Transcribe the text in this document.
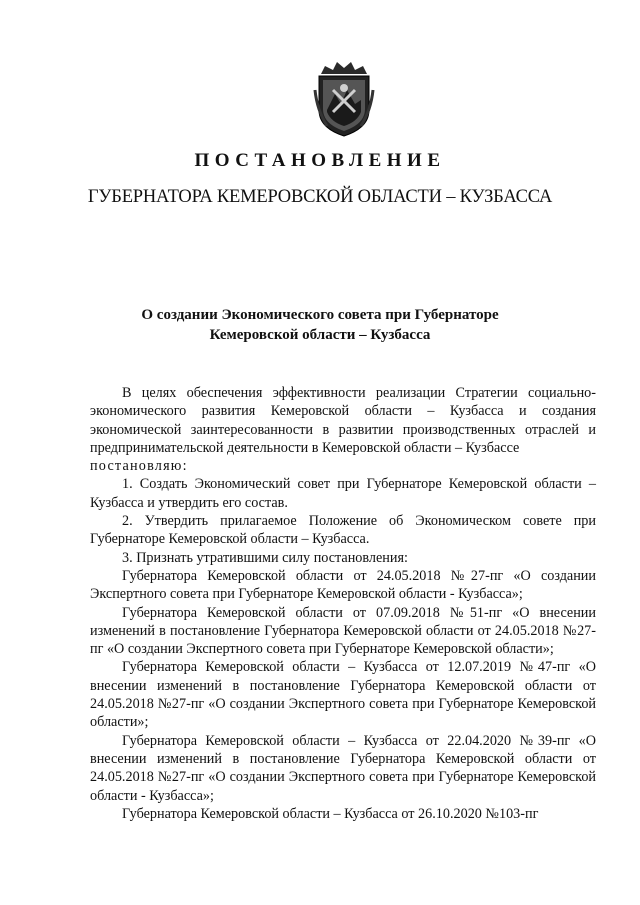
ПОСТАНОВЛЕНИЕ
ГУБЕРНАТОРА КЕМЕРОВСКОЙ ОБЛАСТИ – КУЗБАССА
О создании Экономического совета при Губернаторе
Кемеровской области – Кузбасса

В целях обеспечения эффективности реализации Стратегии социально-экономического развития Кемеровской области – Кузбасса и создания экономической заинтересованности в развитии производственных отраслей и предпринимательской деятельности в Кемеровской области – Кузбассе

постановляю:

1. Создать Экономический совет при Губернаторе Кемеровской области – Кузбасса и утвердить его состав.

2. Утвердить прилагаемое Положение об Экономическом совете при Губернаторе Кемеровской области – Кузбасса.

3. Признать утратившими силу постановления:

Губернатора Кемеровской области от 24.05.2018 №27-пг «О создании Экспертного совета при Губернаторе Кемеровской области - Кузбасса»;

Губернатора Кемеровской области от 07.09.2018 №51-пг «О внесении изменений в постановление Губернатора Кемеровской области от 24.05.2018 №27-пг «О создании Экспертного совета при Губернаторе Кемеровской области»;

Губернатора Кемеровской области – Кузбасса от 12.07.2019 №47-пг «О внесении изменений в постановление Губернатора Кемеровской области от 24.05.2018 №27-пг «О создании Экспертного совета при Губернаторе Кемеровской области»;

Губернатора Кемеровской области – Кузбасса от 22.04.2020 №39-пг «О внесении изменений в постановление Губернатора Кемеровской области от 24.05.2018 №27-пг «О создании Экспертного совета при Губернаторе Кемеровской области - Кузбасса»;

Губернатора Кемеровской области – Кузбасса от 26.10.2020 №103-пг
